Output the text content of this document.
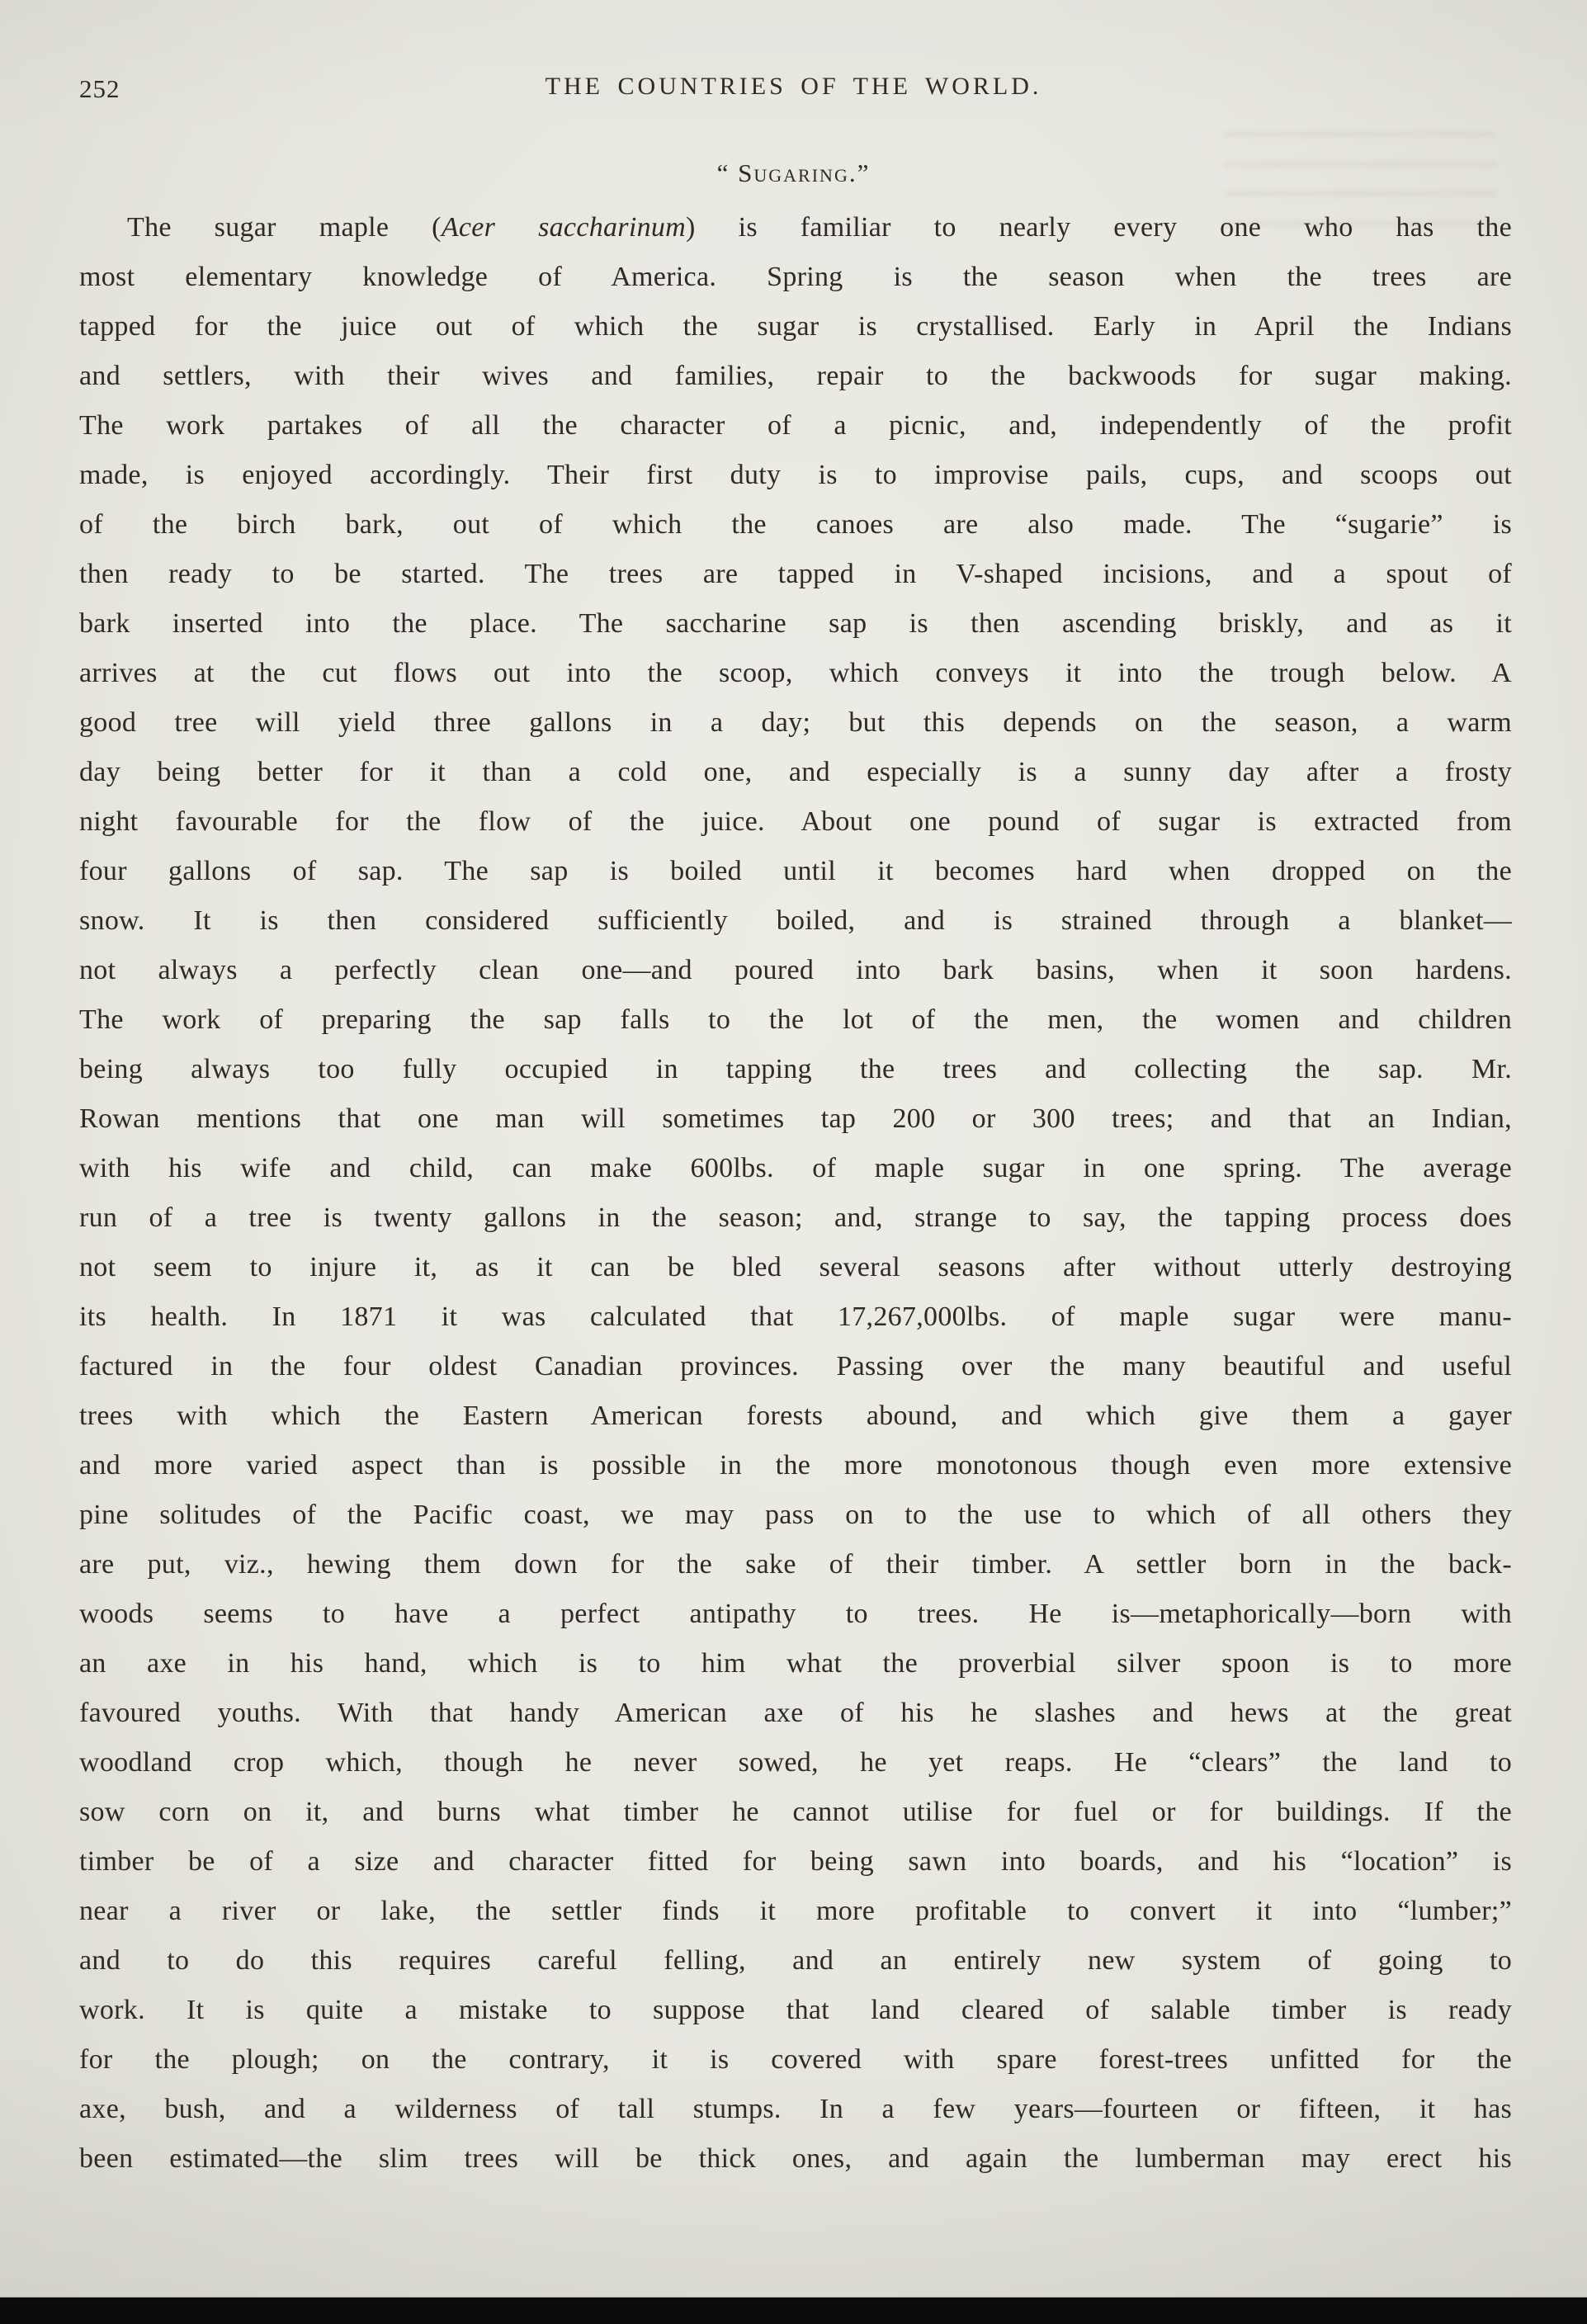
252	THE COUNTRIES OF THE WORLD.
“ Sugaring.”
The sugar maple (Acer saccharinum) is familiar to nearly every one who has the
most elementary knowledge of America. Spring is the season when the trees are
tapped for the juice out of which the sugar is crystallised. Early in April the Indians
and settlers, with their wives and families, repair to the backwoods for sugar making.
The work partakes of all the character of a picnic, and, independently of the profit
made, is enjoyed accordingly. Their first duty is to improvise pails, cups, and scoops out
of the birch bark, out of which the canoes are also made. The “sugarie” is
then ready to be started. The trees are tapped in V-shaped incisions, and a spout of
bark inserted into the place. The saccharine sap is then ascending briskly, and as it
arrives at the cut flows out into the scoop, which conveys it into the trough below. A
good tree will yield three gallons in a day; but this depends on the season, a warm
day being better for it than a cold one, and especially is a sunny day after a frosty
night favourable for the flow of the juice. About one pound of sugar is extracted from
four gallons of sap. The sap is boiled until it becomes hard when dropped on the
snow. It is then considered sufficiently boiled, and is strained through a blanket—
not always a perfectly clean one—and poured into bark basins, when it soon hardens.
The work of preparing the sap falls to the lot of the men, the women and children
being always too fully occupied in tapping the trees and collecting the sap. Mr.
Rowan mentions that one man will sometimes tap 200 or 300 trees; and that an Indian,
with his wife and child, can make 600lbs. of maple sugar in one spring. The average
run of a tree is twenty gallons in the season; and, strange to say, the tapping process does
not seem to injure it, as it can be bled several seasons after without utterly destroying
its health. In 1871 it was calculated that 17,267,000lbs. of maple sugar were manu-
factured in the four oldest Canadian provinces. Passing over the many beautiful and useful
trees with which the Eastern American forests abound, and which give them a gayer
and more varied aspect than is possible in the more monotonous though even more extensive
pine solitudes of the Pacific coast, we may pass on to the use to which of all others they
are put, viz., hewing them down for the sake of their timber. A settler born in the back-
woods seems to have a perfect antipathy to trees. He is—metaphorically—born with
an axe in his hand, which is to him what the proverbial silver spoon is to more
favoured youths. With that handy American axe of his he slashes and hews at the great
woodland crop which, though he never sowed, he yet reaps. He “clears” the land to
sow corn on it, and burns what timber he cannot utilise for fuel or for buildings. If the
timber be of a size and character fitted for being sawn into boards, and his “location” is
near a river or lake, the settler finds it more profitable to convert it into “lumber;”
and to do this requires careful felling, and an entirely new system of going to
work. It is quite a mistake to suppose that land cleared of salable timber is ready
for the plough; on the contrary, it is covered with spare forest-trees unfitted for the
axe, bush, and a wilderness of tall stumps. In a few years—fourteen or fifteen, it has
been estimated—the slim trees will be thick ones, and again the lumberman may erect his
